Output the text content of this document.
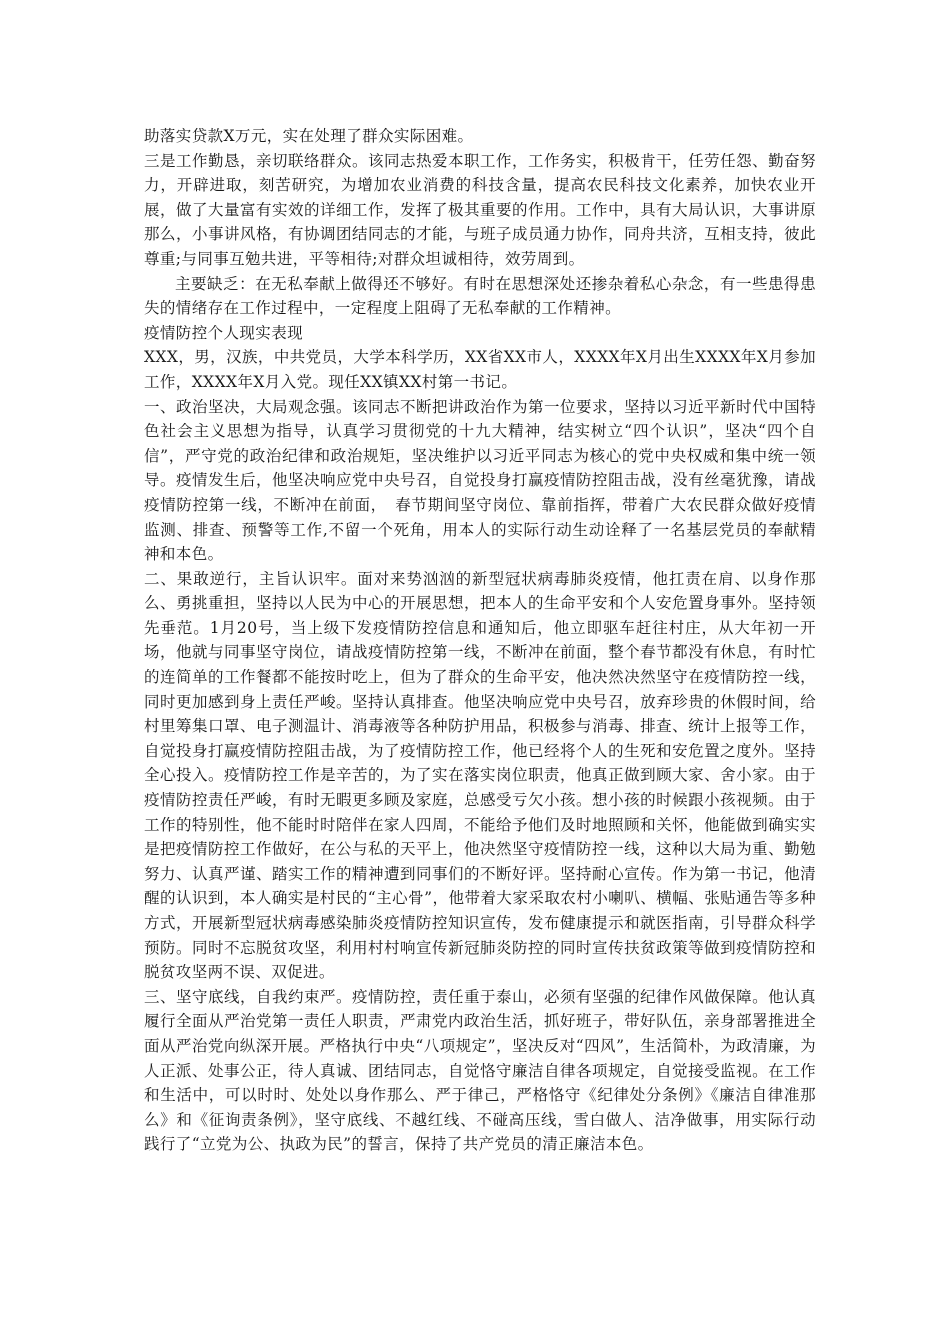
助落实贷款X万元，实在处理了群众实际困难。

三是工作勤恳，亲切联络群众。该同志热爱本职工作，工作务实，积极肯干，任劳任怨、勤奋努力，开辟进取，刻苦研究，为增加农业消费的科技含量，提高农民科技文化素养，加快农业开展，做了大量富有实效的详细工作，发挥了极其重要的作用。工作中，具有大局认识，大事讲原那么，小事讲风格，有协调团结同志的才能，与班子成员通力协作，同舟共济，互相支持，彼此尊重;与同事互勉共进，平等相待;对群众坦诚相待，效劳周到。

主要缺乏：在无私奉献上做得还不够好。有时在思想深处还掺杂着私心杂念，有一些患得患失的情绪存在工作过程中，一定程度上阻碍了无私奉献的工作精神。

疫情防控个人现实表现

XXX，男，汉族，中共党员，大学本科学历，XX省XX市人，XXXX年X月出生XXXX年X月参加工作，XXXX年X月入党。现任XX镇XX村第一书记。

一、政治坚决，大局观念强。该同志不断把讲政治作为第一位要求，坚持以习近平新时代中国特色社会主义思想为指导，认真学习贯彻党的十九大精神，结实树立“四个认识”，坚决“四个自信”，严守党的政治纪律和政治规矩，坚决维护以习近平同志为核心的党中央权威和集中统一领导。疫情发生后，他坚决响应党中央号召，自觉投身打赢疫情防控阻击战，没有丝毫犹豫，请战疫情防控第一线，不断冲在前面，　春节期间坚守岗位、靠前指挥，带着广大农民群众做好疫情监测、排查、预警等工作,不留一个死角，用本人的实际行动生动诠释了一名基层党员的奉献精神和本色。

二、果敢逆行，主旨认识牢。面对来势汹汹的新型冠状病毒肺炎疫情，他扛责在肩、以身作那么、勇挑重担，坚持以人民为中心的开展思想，把本人的生命平安和个人安危置身事外。坚持领先垂范。1月20号，当上级下发疫情防控信息和通知后，他立即驱车赶往村庄，从大年初一开场，他就与同事坚守岗位，请战疫情防控第一线，不断冲在前面，整个春节都没有休息，有时忙的连简单的工作餐都不能按时吃上，但为了群众的生命平安，他决然决然坚守在疫情防控一线，同时更加感到身上责任严峻。坚持认真排查。他坚决响应党中央号召，放弃珍贵的休假时间，给村里筹集口罩、电子测温计、消毒液等各种防护用品，积极参与消毒、排查、统计上报等工作，自觉投身打赢疫情防控阻击战，为了疫情防控工作，他已经将个人的生死和安危置之度外。坚持全心投入。疫情防控工作是辛苦的，为了实在落实岗位职责，他真正做到顾大家、舍小家。由于疫情防控责任严峻，有时无暇更多顾及家庭，总感受亏欠小孩。想小孩的时候跟小孩视频。由于工作的特别性，他不能时时陪伴在家人四周，不能给予他们及时地照顾和关怀，他能做到确实实是把疫情防控工作做好，在公与私的天平上，他决然坚守疫情防控一线，这种以大局为重、勤勉努力、认真严谨、踏实工作的精神遭到同事们的不断好评。坚持耐心宣传。作为第一书记，他清醒的认识到，本人确实是村民的“主心骨”，他带着大家采取农村小喇叭、横幅、张贴通告等多种方式，开展新型冠状病毒感染肺炎疫情防控知识宣传，发布健康提示和就医指南，引导群众科学预防。同时不忘脱贫攻坚，利用村村响宣传新冠肺炎防控的同时宣传扶贫政策等做到疫情防控和脱贫攻坚两不误、双促进。

三、坚守底线，自我约束严。疫情防控，责任重于泰山，必须有坚强的纪律作风做保障。他认真履行全面从严治党第一责任人职责，严肃党内政治生活，抓好班子，带好队伍，亲身部署推进全面从严治党向纵深开展。严格执行中央“八项规定”，坚决反对“四风”，生活简朴，为政清廉，为人正派、处事公正，待人真诚、团结同志，自觉恪守廉洁自律各项规定，自觉接受监视。在工作和生活中，可以时时、处处以身作那么、严于律己，严格恪守《纪律处分条例》《廉洁自律准那么》和《征询责条例》，坚守底线、不越红线、不碰高压线，雪白做人、洁净做事，用实际行动践行了“立党为公、执政为民”的誓言，保持了共产党员的清正廉洁本色。
